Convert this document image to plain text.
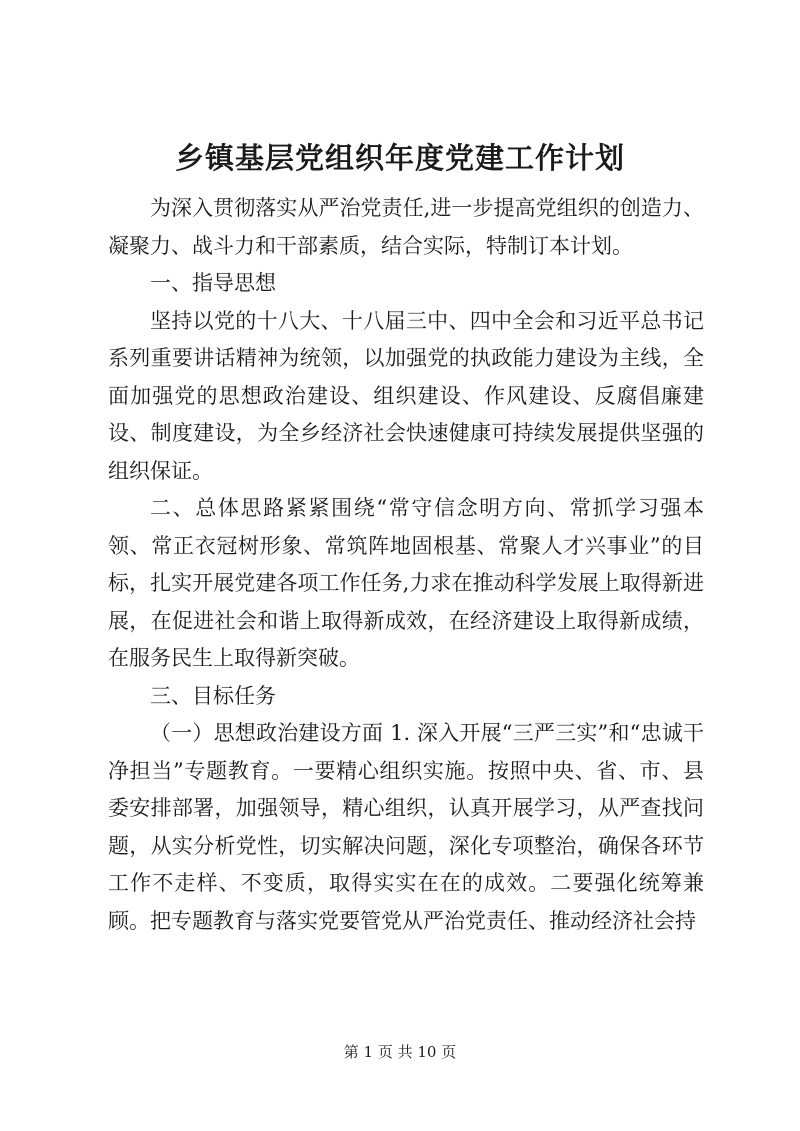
乡镇基层党组织年度党建工作计划

为深入贯彻落实从严治党责任,进一步提高党组织的创造力、凝聚力、战斗力和干部素质，结合实际，特制订本计划。

一、指导思想

坚持以党的十八大、十八届三中、四中全会和习近平总书记系列重要讲话精神为统领，以加强党的执政能力建设为主线，全面加强党的思想政治建设、组织建设、作风建设、反腐倡廉建设、制度建设，为全乡经济社会快速健康可持续发展提供坚强的组织保证。

二、总体思路紧紧围绕“常守信念明方向、常抓学习强本领、常正衣冠树形象、常筑阵地固根基、常聚人才兴事业”的目标，扎实开展党建各项工作任务,力求在推动科学发展上取得新进展，在促进社会和谐上取得新成效，在经济建设上取得新成绩，在服务民生上取得新突破。

三、目标任务

（一）思想政治建设方面 1. 深入开展“三严三实”和“忠诚干净担当”专题教育。一要精心组织实施。按照中央、省、市、县委安排部署，加强领导，精心组织，认真开展学习，从严查找问题，从实分析党性，切实解决问题，深化专项整治，确保各环节工作不走样、不变质，取得实实在在的成效。二要强化统筹兼顾。把专题教育与落实党要管党从严治党责任、推动经济社会持

第 1 页 共 10 页
